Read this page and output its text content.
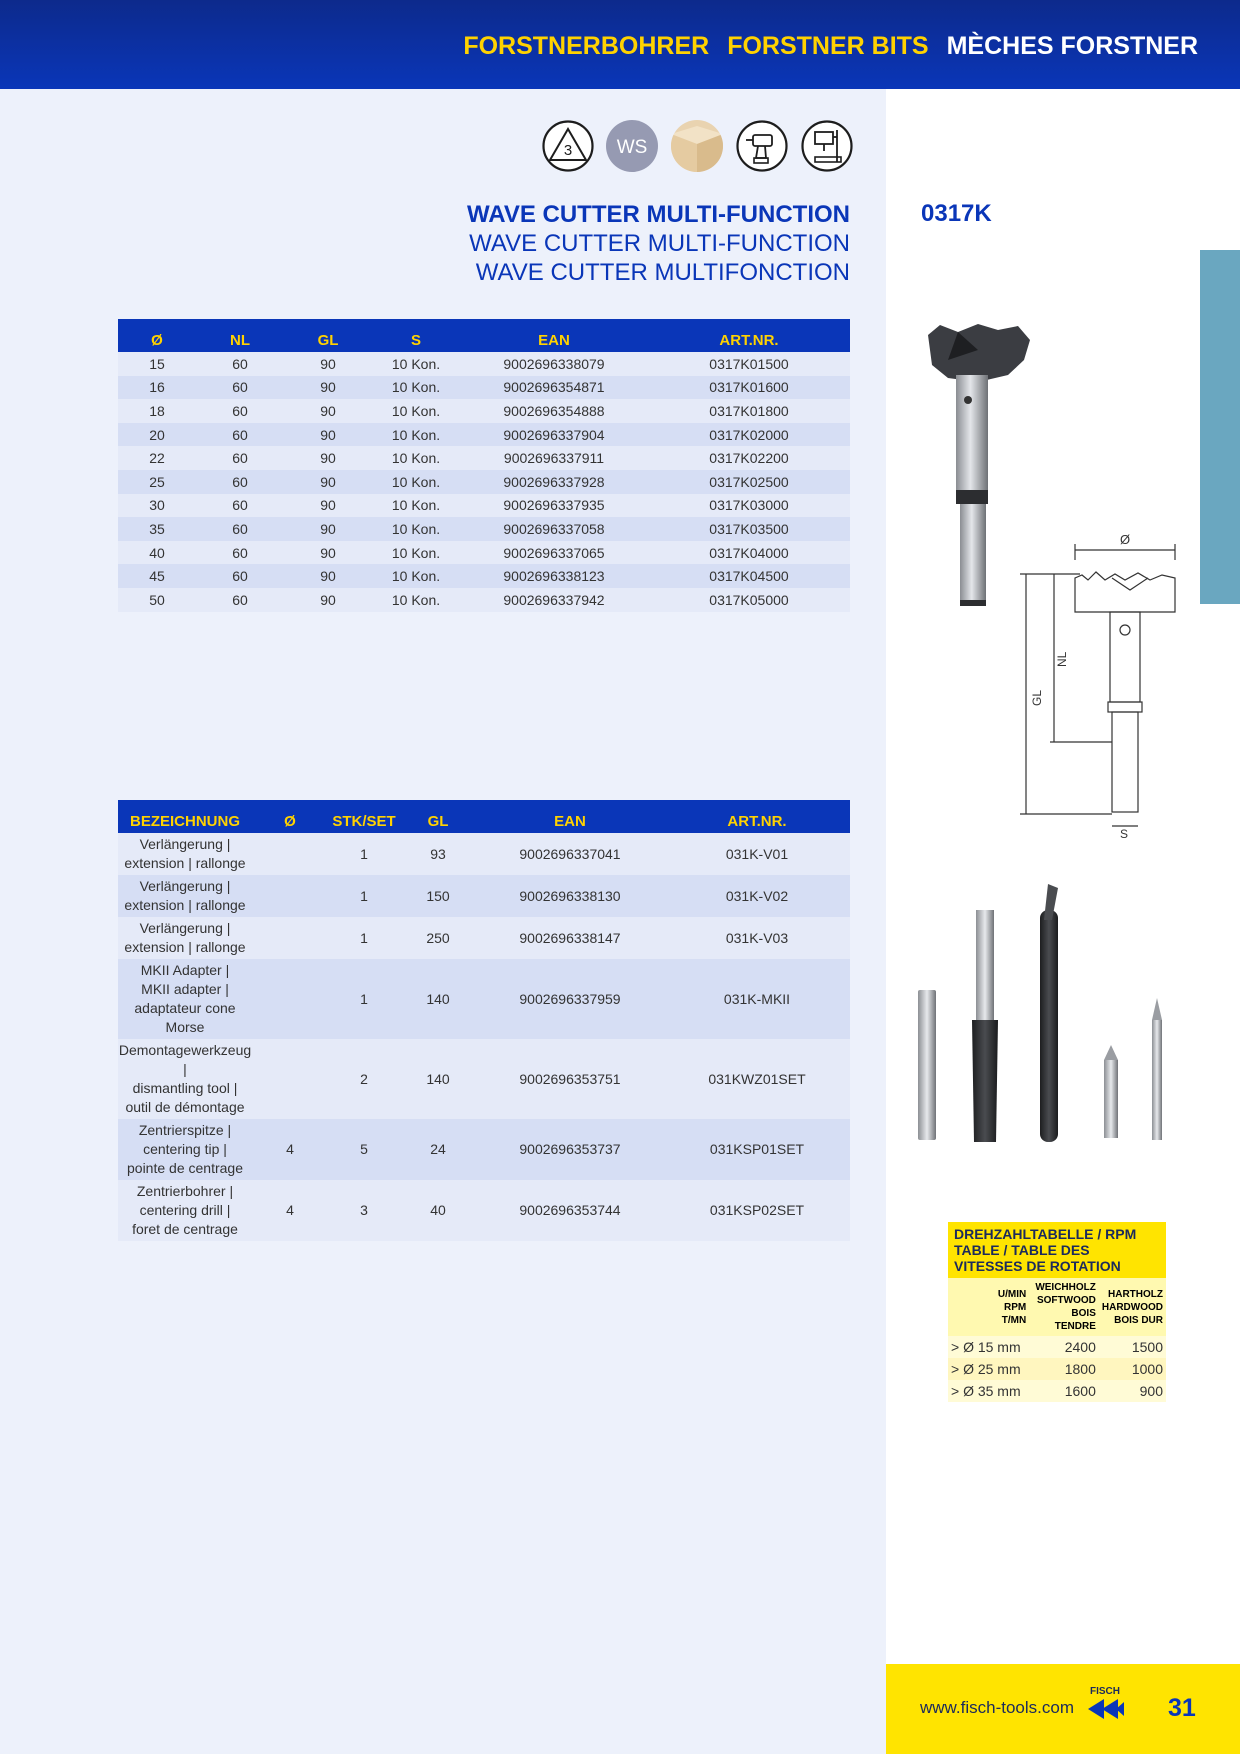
FORSTNERBOHRER FORSTNER BITS MÈCHES FORSTNER
3 WS
WAVE CUTTER MULTI-FUNCTION
WAVE CUTTER MULTI-FUNCTION
WAVE CUTTER MULTIFONCTION
0317K
Ø	NL	GL	S	EAN	ART.NR.
15	60	90	10 Kon.	9002696338079	0317K01500
16	60	90	10 Kon.	9002696354871	0317K01600
18	60	90	10 Kon.	9002696354888	0317K01800
20	60	90	10 Kon.	9002696337904	0317K02000
22	60	90	10 Kon.	9002696337911	0317K02200
25	60	90	10 Kon.	9002696337928	0317K02500
30	60	90	10 Kon.	9002696337935	0317K03000
35	60	90	10 Kon.	9002696337058	0317K03500
40	60	90	10 Kon.	9002696337065	0317K04000
45	60	90	10 Kon.	9002696338123	0317K04500
50	60	90	10 Kon.	9002696337942	0317K05000
BEZEICHNUNG	Ø	STK/SET	GL	EAN	ART.NR.

Verlängerung |
extension | rallonge		1	93	9002696337041	031K-V01

Verlängerung |
extension | rallonge		1	150	9002696338130	031K-V02

Verlängerung |
extension | rallonge		1	250	9002696338147	031K-V03

MKII Adapter |
MKII adapter |
adaptateur cone Morse		1	140	9002696337959	031K-MKII

Demontagewerkzeug |
dismantling tool |
outil de démontage		2	140	9002696353751	031KWZ01SET

Zentrierspitze |
centering tip |
pointe de centrage	4	5	24	9002696353737	031KSP01SET

Zentrierbohrer |
centering drill |
foret de centrage	4	3	40	9002696353744	031KSP02SET
Ø
GL
NL
S
DREHZAHLTABELLE / RPM TABLE / TABLE DES VITESSES DE ROTATION
U/MIN
RPM
T/MN	WEICHHOLZ
SOFTWOOD
BOIS TENDRE	HARTHOLZ
HARDWOOD
BOIS DUR
> Ø 15 mm	2400	1500
> Ø 25 mm	1800	1000
> Ø 35 mm	1600	900
www.fisch-tools.com
FISCH
31
